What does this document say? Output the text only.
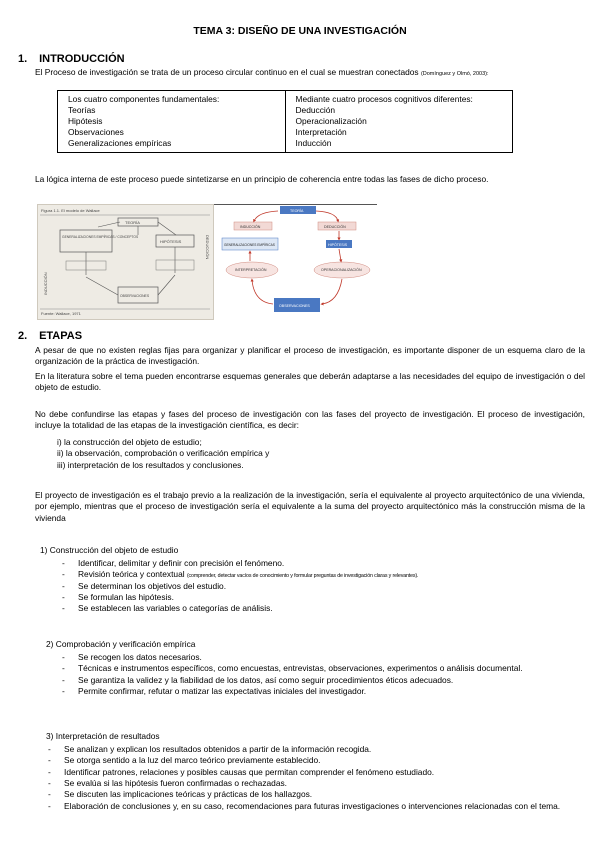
TEMA 3: DISEÑO DE UNA INVESTIGACIÓN
1. INTRODUCCIÓN
El Proceso de investigación se trata de un proceso circular continuo en el cual se muestran conectados (Domínguez y Olmó, 2003):
Los cuatro componentes fundamentales:
Teorías
Hipótesis
Observaciones
Generalizaciones empíricas

Mediante cuatro procesos cognitivos diferentes:
Deducción
Operacionalización
Interpretación
Inducción
La lógica interna de este proceso puede sintetizarse en un principio de coherencia entre todas las fases de dicho proceso.
Figura 1.1. El modelo de Wallace
TEORÍA
GENERALIZACIONES EMPÍRICAS / CONCEPTOS
HIPÓTESIS
OBSERVACIONES
INDUCCIÓN
DEDUCCIÓN
Fuente: Wallace, 1971
TEORÍA
INDUCCIÓN	DEDUCCIÓN
GENERALIZACIONES EMPÍRICAS	HIPÓTESIS
INTERPRETACIÓN	OPERACIONALIZACIÓN
OBSERVACIONES
2. ETAPAS
A pesar de que no existen reglas fijas para organizar y planificar el proceso de investigación, es importante disponer de un esquema claro de la organización de la práctica de investigación.
En la literatura sobre el tema pueden encontrarse esquemas generales que deberán adaptarse a las necesidades del equipo de investigación o del objeto de estudio.
No debe confundirse las etapas y fases del proceso de investigación con las fases del proyecto de investigación. El proceso de investigación, incluye la totalidad de las etapas de la investigación científica, es decir:
i) la construcción del objeto de estudio;
ii) la observación, comprobación o verificación empírica y
iii) interpretación de los resultados y conclusiones.
El proyecto de investigación es el trabajo previo a la realización de la investigación, sería el equivalente al proyecto arquitectónico de una vivienda, por ejemplo, mientras que el proceso de investigación sería el equivalente a la suma del proyecto arquitectónico más la construcción misma de la vivienda
1) Construcción del objeto de estudio
- Identificar, delimitar y definir con precisión el fenómeno.
- Revisión teórica y contextual (comprender, detectar vacíos de conocimiento y formular preguntas de investigación claras y relevantes).
- Se determinan los objetivos del estudio.
- Se formulan las hipótesis.
- Se establecen las variables o categorías de análisis.
2) Comprobación y verificación empírica
- Se recogen los datos necesarios.
- Técnicas e instrumentos específicos, como encuestas, entrevistas, observaciones, experimentos o análisis documental.
- Se garantiza la validez y la fiabilidad de los datos, así como seguir procedimientos éticos adecuados.
- Permite confirmar, refutar o matizar las expectativas iniciales del investigador.
3) Interpretación de resultados
- Se analizan y explican los resultados obtenidos a partir de la información recogida.
- Se otorga sentido a la luz del marco teórico previamente establecido.
- Identificar patrones, relaciones y posibles causas que permitan comprender el fenómeno estudiado.
- Se evalúa si las hipótesis fueron confirmadas o rechazadas.
- Se discuten las implicaciones teóricas y prácticas de los hallazgos.
- Elaboración de conclusiones y, en su caso, recomendaciones para futuras investigaciones o intervenciones relacionadas con el tema.
